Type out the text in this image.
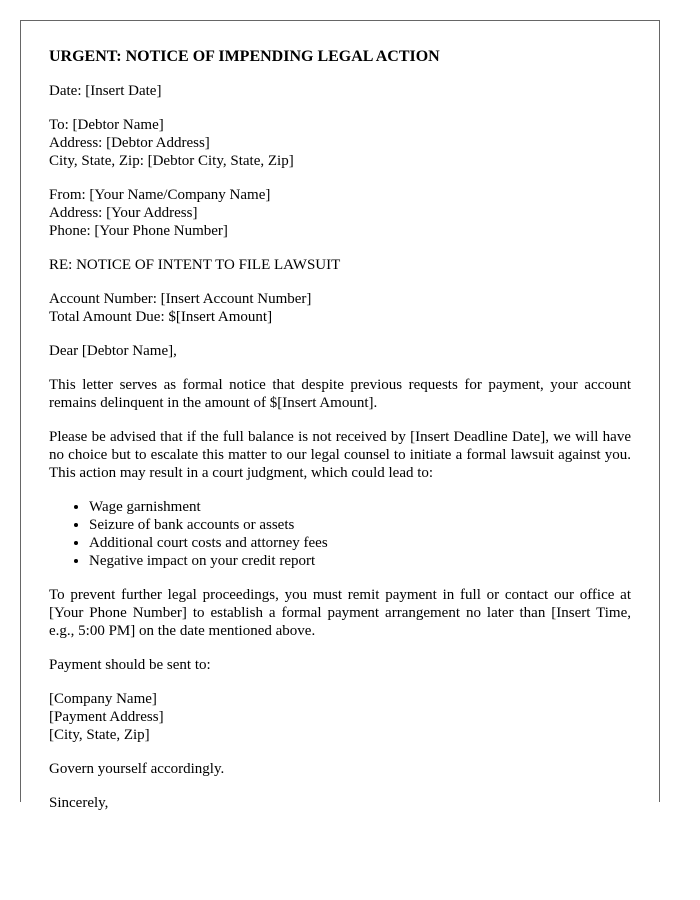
URGENT: NOTICE OF IMPENDING LEGAL ACTION
Date: [Insert Date]
To: [Debtor Name]
Address: [Debtor Address]
City, State, Zip: [Debtor City, State, Zip]
From: [Your Name/Company Name]
Address: [Your Address]
Phone: [Your Phone Number]
RE: NOTICE OF INTENT TO FILE LAWSUIT
Account Number: [Insert Account Number]
Total Amount Due: $[Insert Amount]
Dear [Debtor Name],
This letter serves as formal notice that despite previous requests for payment, your account remains delinquent in the amount of $[Insert Amount].
Please be advised that if the full balance is not received by [Insert Deadline Date], we will have no choice but to escalate this matter to our legal counsel to initiate a formal lawsuit against you. This action may result in a court judgment, which could lead to:
• Wage garnishment
• Seizure of bank accounts or assets
• Additional court costs and attorney fees
• Negative impact on your credit report
To prevent further legal proceedings, you must remit payment in full or contact our office at [Your Phone Number] to establish a formal payment arrangement no later than [Insert Time, e.g., 5:00 PM] on the date mentioned above.
Payment should be sent to:
[Company Name]
[Payment Address]
[City, State, Zip]
Govern yourself accordingly.
Sincerely,
